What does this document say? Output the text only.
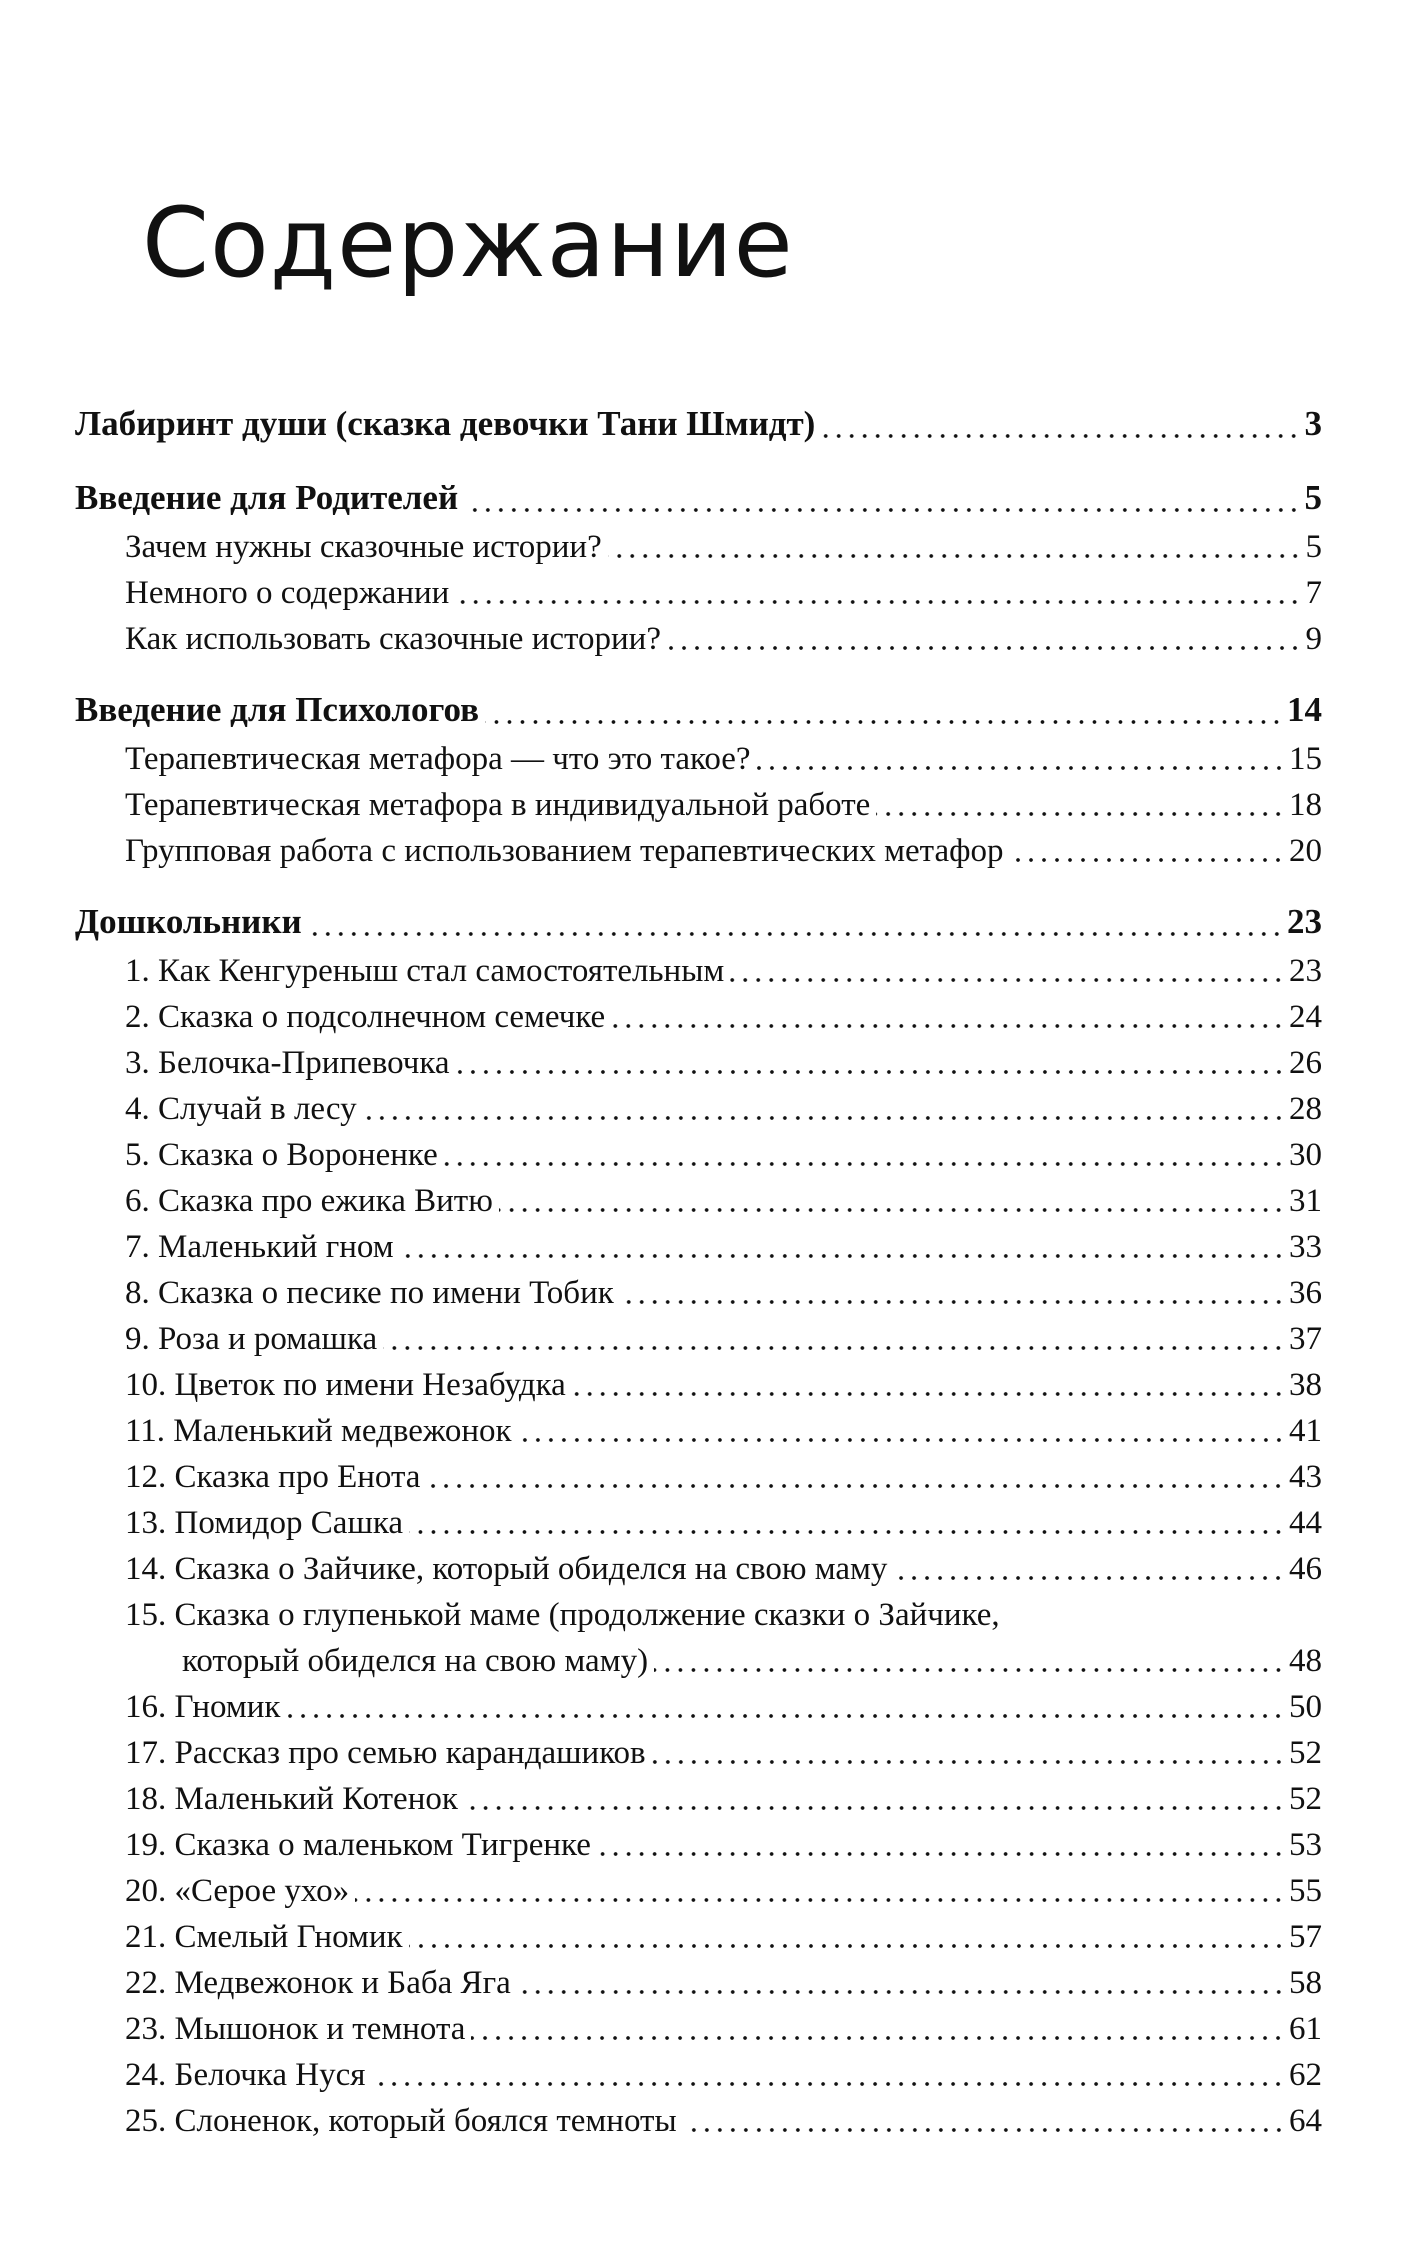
Содержание
Лабиринт души (сказка девочки Тани Шмидт)	3
Введение для Родителей	5
Зачем нужны сказочные истории?	5
Немного о содержании	7
Как использовать сказочные истории?	9
Введение для Психологов	14
Терапевтическая метафора — что это такое?	15
Терапевтическая метафора в индивидуальной работе	18
Групповая работа с использованием терапевтических метафор	20
Дошкольники	23
1. Как Кенгуреныш стал самостоятельным	23
2. Сказка о подсолнечном семечке	24
3. Белочка-Припевочка	26
4. Случай в лесу	28
5. Сказка о Вороненке	30
6. Сказка про ежика Витю	31
7. Маленький гном	33
8. Сказка о песике по имени Тобик	36
9. Роза и ромашка	37
10. Цветок по имени Незабудка	38
11. Маленький медвежонок	41
12. Сказка про Енота	43
13. Помидор Сашка	44
14. Сказка о Зайчике, который обиделся на свою маму	46
15. Сказка о глупенькой маме (продолжение сказки о Зайчике,
который обиделся на свою маму)	48
16. Гномик	50
17. Рассказ про семью карандашиков	52
18. Маленький Котенок	52
19. Сказка о маленьком Тигренке	53
20. «Серое ухо»	55
21. Смелый Гномик	57
22. Медвежонок и Баба Яга	58
23. Мышонок и темнота	61
24. Белочка Нуся	62
25. Слоненок, который боялся темноты	64
